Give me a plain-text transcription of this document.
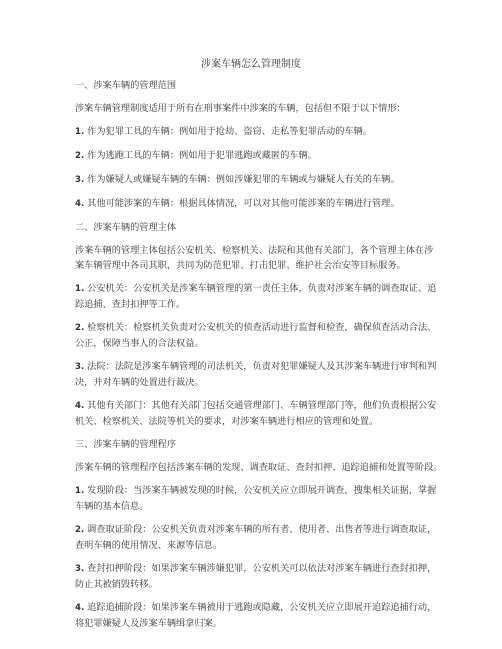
涉案车辆怎么管理制度

一、涉案车辆的管理范围

涉案车辆管理制度适用于所有在刑事案件中涉案的车辆，包括但不限于以下情形：

1. 作为犯罪工具的车辆：例如用于抢劫、盗窃、走私等犯罪活动的车辆。

2. 作为逃跑工具的车辆：例如用于犯罪逃跑或藏匿的车辆。

3. 作为嫌疑人或嫌疑车辆的车辆：例如涉嫌犯罪的车辆或与嫌疑人有关的车辆。

4. 其他可能涉案的车辆：根据具体情况，可以对其他可能涉案的车辆进行管理。

二、涉案车辆的管理主体

涉案车辆的管理主体包括公安机关、检察机关、法院和其他有关部门，各个管理主体在涉

案车辆管理中各司其职，共同为防范犯罪、打击犯罪、维护社会治安等目标服务。

1. 公安机关：公安机关是涉案车辆管理的第一责任主体，负责对涉案车辆的调查取证、追

踪追捕、查封扣押等工作。

2. 检察机关：检察机关负责对公安机关的侦查活动进行监督和检查，确保侦查活动合法、

公正，保障当事人的合法权益。

3. 法院：法院是涉案车辆管理的司法机关，负责对犯罪嫌疑人及其涉案车辆进行审判和判

决，并对车辆的处置进行裁决。

4. 其他有关部门：其他有关部门包括交通管理部门、车辆管理部门等，他们负责根据公安

机关、检察机关、法院等机关的要求，对涉案车辆进行相应的管理和处置。

三、涉案车辆的管理程序

涉案车辆的管理程序包括涉案车辆的发现、调查取证、查封扣押、追踪追捕和处置等阶段。

1. 发现阶段：当涉案车辆被发现的时候，公安机关应立即展开调查，搜集相关证据，掌握

车辆的基本信息。

2. 调查取证阶段：公安机关负责对涉案车辆的所有者、使用者、出售者等进行调查取证，

查明车辆的使用情况、来源等信息。

3. 查封扣押阶段：如果涉案车辆涉嫌犯罪，公安机关可以依法对涉案车辆进行查封扣押，

防止其被销毁转移。

4. 追踪追捕阶段：如果涉案车辆被用于逃跑或隐藏，公安机关应立即展开追踪追捕行动，

将犯罪嫌疑人及涉案车辆缉拿归案。
